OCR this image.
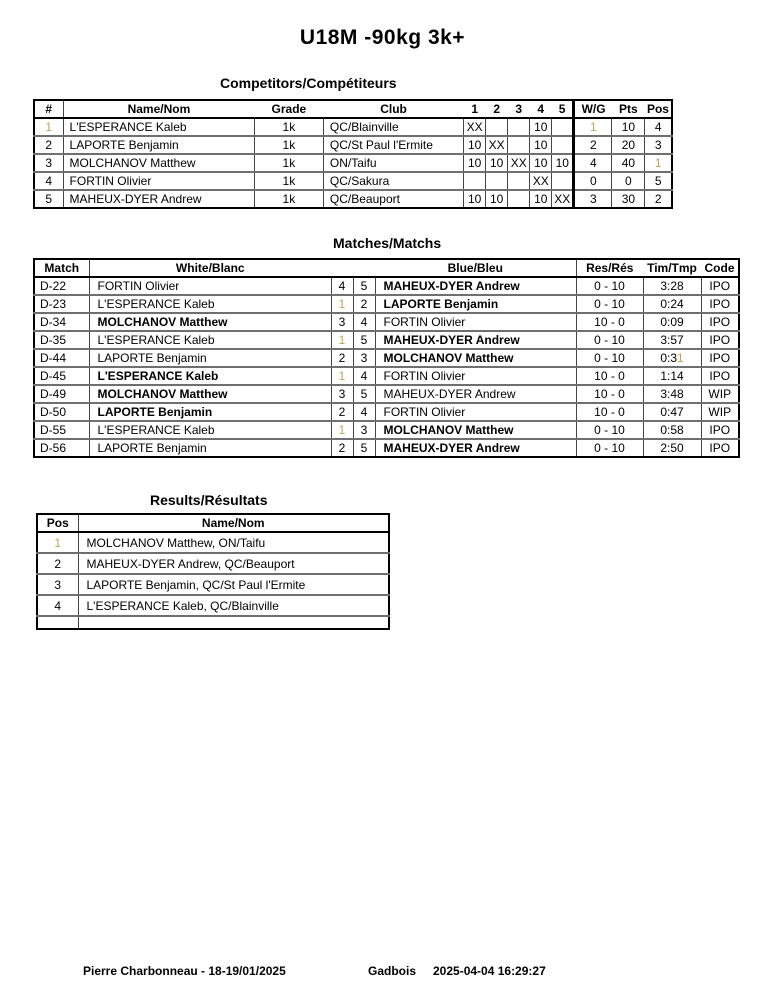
U18M -90kg 3k+
Competitors/Compétiteurs
#	Name/Nom	Grade	Club	1	2	3	4	5	W/G	Pts	Pos
1	L'ESPERANCE Kaleb	1k	QC/Blainville	XX			10		1	10	4
2	LAPORTE Benjamin	1k	QC/St Paul l'Ermite	10	XX		10		2	20	3
3	MOLCHANOV Matthew	1k	ON/Taifu	10	10	XX	10	10	4	40	1
4	FORTIN Olivier	1k	QC/Sakura				XX		0	0	5
5	MAHEUX-DYER Andrew	1k	QC/Beauport	10	10		10	XX	3	30	2
Matches/Matchs
Match	White/Blanc			Blue/Bleu	Res/Rés	Tim/Tmp	Code
D-22	FORTIN Olivier	4	5	MAHEUX-DYER Andrew	0 - 10	3:28	IPO
D-23	L'ESPERANCE Kaleb	1	2	LAPORTE Benjamin	0 - 10	0:24	IPO
D-34	MOLCHANOV Matthew	3	4	FORTIN Olivier	10 - 0	0:09	IPO
D-35	L'ESPERANCE Kaleb	1	5	MAHEUX-DYER Andrew	0 - 10	3:57	IPO
D-44	LAPORTE Benjamin	2	3	MOLCHANOV Matthew	0 - 10	0:31	IPO
D-45	L'ESPERANCE Kaleb	1	4	FORTIN Olivier	10 - 0	1:14	IPO
D-49	MOLCHANOV Matthew	3	5	MAHEUX-DYER Andrew	10 - 0	3:48	WIP
D-50	LAPORTE Benjamin	2	4	FORTIN Olivier	10 - 0	0:47	WIP
D-55	L'ESPERANCE Kaleb	1	3	MOLCHANOV Matthew	0 - 10	0:58	IPO
D-56	LAPORTE Benjamin	2	5	MAHEUX-DYER Andrew	0 - 10	2:50	IPO
Results/Résultats
Pos	Name/Nom
1	MOLCHANOV Matthew, ON/Taifu
2	MAHEUX-DYER Andrew, QC/Beauport
3	LAPORTE Benjamin, QC/St Paul l'Ermite
4	L'ESPERANCE Kaleb, QC/Blainville

Pierre Charbonneau - 18-19/01/2025	Gadbois 2025-04-04 16:29:27
